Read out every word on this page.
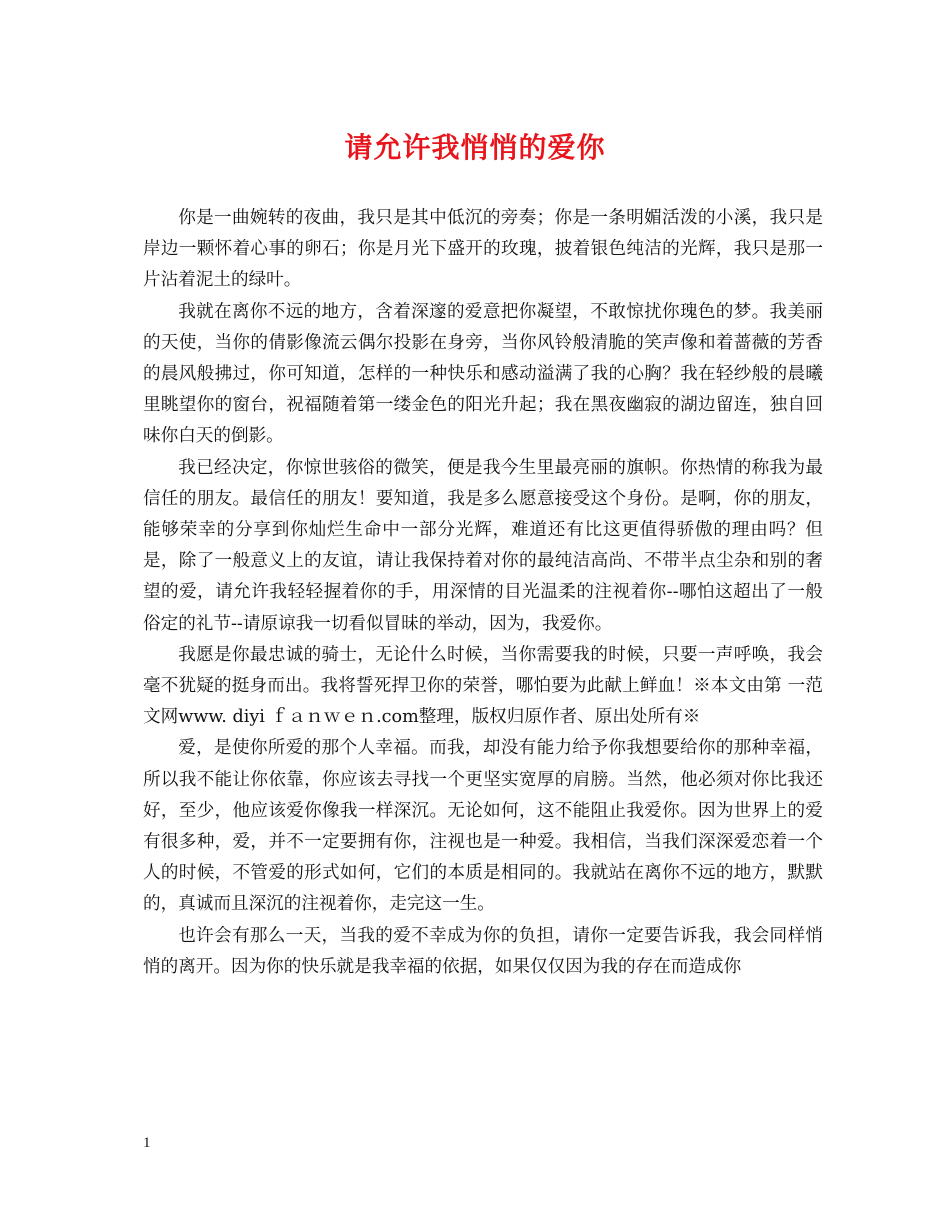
请允许我悄悄的爱你

你是一曲婉转的夜曲，我只是其中低沉的旁奏；你是一条明媚活泼的小溪，我只是岸边一颗怀着心事的卵石；你是月光下盛开的玫瑰，披着银色纯洁的光辉，我只是那一片沾着泥土的绿叶。

我就在离你不远的地方，含着深邃的爱意把你凝望，不敢惊扰你瑰色的梦。我美丽的天使，当你的倩影像流云偶尔投影在身旁，当你风铃般清脆的笑声像和着蔷薇的芳香的晨风般拂过，你可知道，怎样的一种快乐和感动溢满了我的心胸？我在轻纱般的晨曦里眺望你的窗台，祝福随着第一缕金色的阳光升起；我在黑夜幽寂的湖边留连，独自回味你白天的倒影。

我已经决定，你惊世骇俗的微笑，便是我今生里最亮丽的旗帜。你热情的称我为最信任的朋友。最信任的朋友！要知道，我是多么愿意接受这个身份。是啊，你的朋友，能够荣幸的分享到你灿烂生命中一部分光辉，难道还有比这更值得骄傲的理由吗？但是，除了一般意义上的友谊，请让我保持着对你的最纯洁高尚、不带半点尘杂和别的奢望的爱，请允许我轻轻握着你的手，用深情的目光温柔的注视着你--哪怕这超出了一般俗定的礼节--请原谅我一切看似冒昧的举动，因为，我爱你。

我愿是你最忠诚的骑士，无论什么时候，当你需要我的时候，只要一声呼唤，我会毫不犹疑的挺身而出。我将誓死捍卫你的荣誉，哪怕要为此献上鲜血！※本文由第 一范文网www. diyi ｆａｎｗｅｎ.com整理，版权归原作者、原出处所有※

爱，是使你所爱的那个人幸福。而我，却没有能力给予你我想要给你的那种幸福，所以我不能让你依靠，你应该去寻找一个更坚实宽厚的肩膀。当然，他必须对你比我还好，至少，他应该爱你像我一样深沉。无论如何，这不能阻止我爱你。因为世界上的爱有很多种，爱，并不一定要拥有你，注视也是一种爱。我相信，当我们深深爱恋着一个人的时候，不管爱的形式如何，它们的本质是相同的。我就站在离你不远的地方，默默的，真诚而且深沉的注视着你，走完这一生。

也许会有那么一天，当我的爱不幸成为你的负担，请你一定要告诉我，我会同样悄悄的离开。因为你的快乐就是我幸福的依据，如果仅仅因为我的存在而造成你

1
